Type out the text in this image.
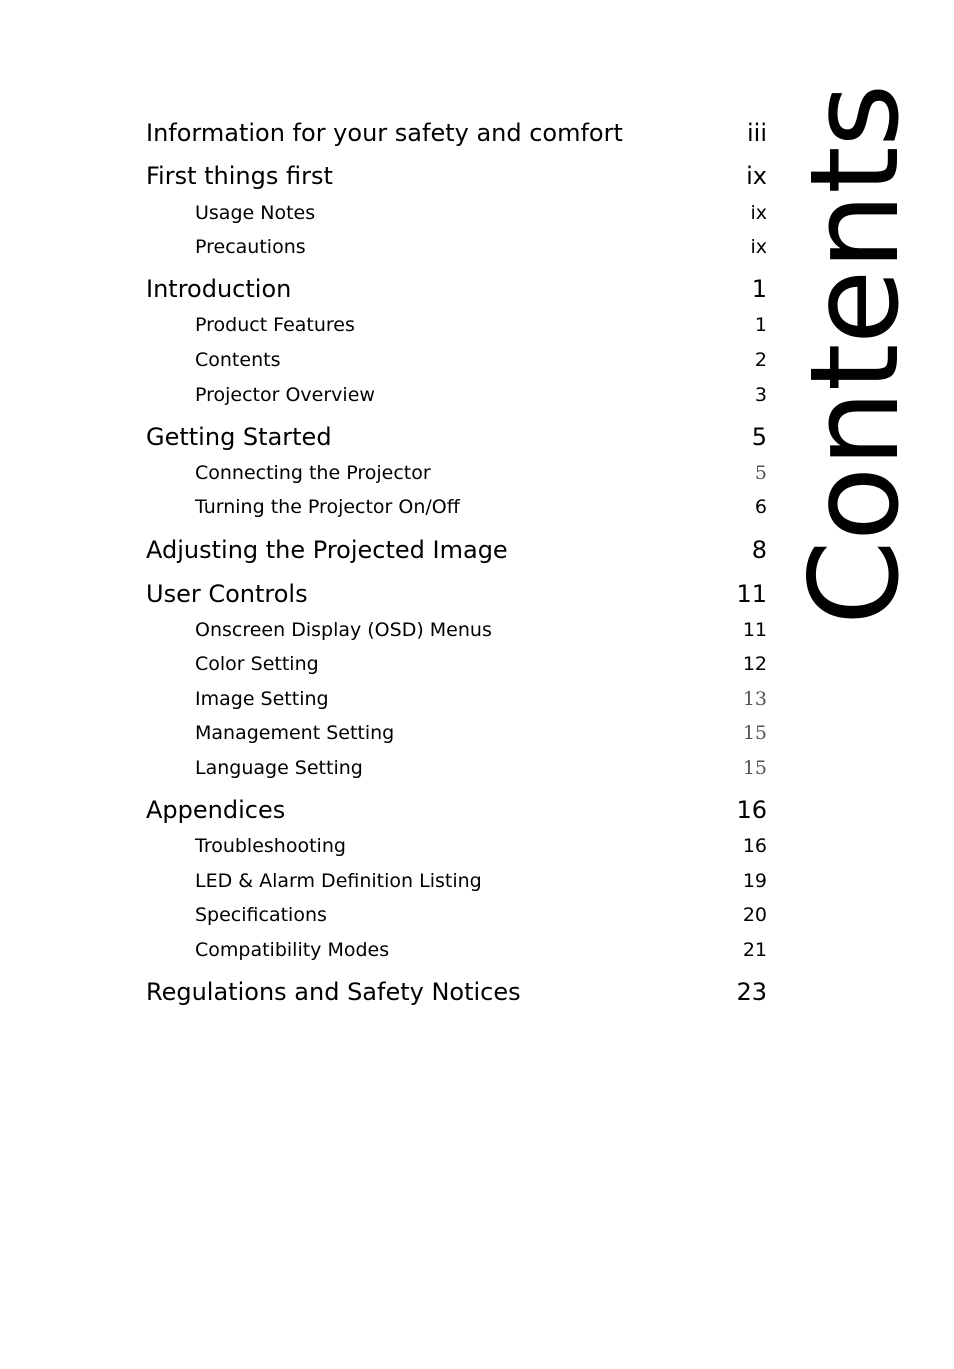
Information for your safety and comfort	iii
First things first	ix
Usage Notes	ix
Precautions	ix
Introduction	1
Product Features	1
Contents	2
Projector Overview	3
Getting Started	5
Connecting the Projector	5
Turning the Projector On/Off	6
Adjusting the Projected Image	8
User Controls	11
Onscreen Display (OSD) Menus	11
Color Setting	12
Image Setting	13
Management Setting	15
Language Setting	15
Appendices	16
Troubleshooting	16
LED & Alarm Definition Listing	19
Specifications	20
Compatibility Modes	21
Regulations and Safety Notices	23
Contents
